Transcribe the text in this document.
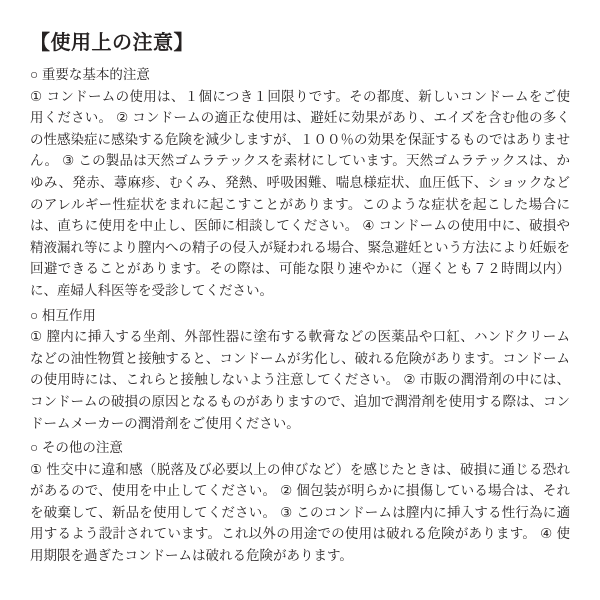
【使用上の注意】
○ 重要な基本的注意

① コンドームの使用は、１個につき１回限りです。その都度、新しいコンドームをご使用ください。 ② コンドームの適正な使用は、避妊に効果があり、エイズを含む他の多くの性感染症に感染する危険を減少しますが、１００％の効果を保証するものではありません。 ③ この製品は天然ゴムラテックスを素材にしています。天然ゴムラテックスは、かゆみ、発赤、蕁麻疹、むくみ、発熱、呼吸困難、喘息様症状、血圧低下、ショックなどのアレルギー性症状をまれに起こすことがあります。このような症状を起こした場合には、直ちに使用を中止し、医師に相談してください。 ④ コンドームの使用中に、破損や精液漏れ等により膣内への精子の侵入が疑われる場合、緊急避妊という方法により妊娠を回避できることがあります。その際は、可能な限り速やかに（遅くとも７２時間以内）に、産婦人科医等を受診してください。

○ 相互作用

① 膣内に挿入する坐剤、外部性器に塗布する軟膏などの医薬品や口紅、ハンドクリームなどの油性物質と接触すると、コンドームが劣化し、破れる危険があります。コンドームの使用時には、これらと接触しないよう注意してください。 ② 市販の潤滑剤の中には、コンドームの破損の原因となるものがありますので、追加で潤滑剤を使用する際は、コンドームメーカーの潤滑剤をご使用ください。

○ その他の注意

① 性交中に違和感（脱落及び必要以上の伸びなど）を感じたときは、破損に通じる恐れがあるので、使用を中止してください。 ② 個包装が明らかに損傷している場合は、それを破棄して、新品を使用してください。 ③ このコンドームは膣内に挿入する性行為に適用するよう設計されています。これ以外の用途での使用は破れる危険があります。 ④ 使用期限を過ぎたコンドームは破れる危険があります。
